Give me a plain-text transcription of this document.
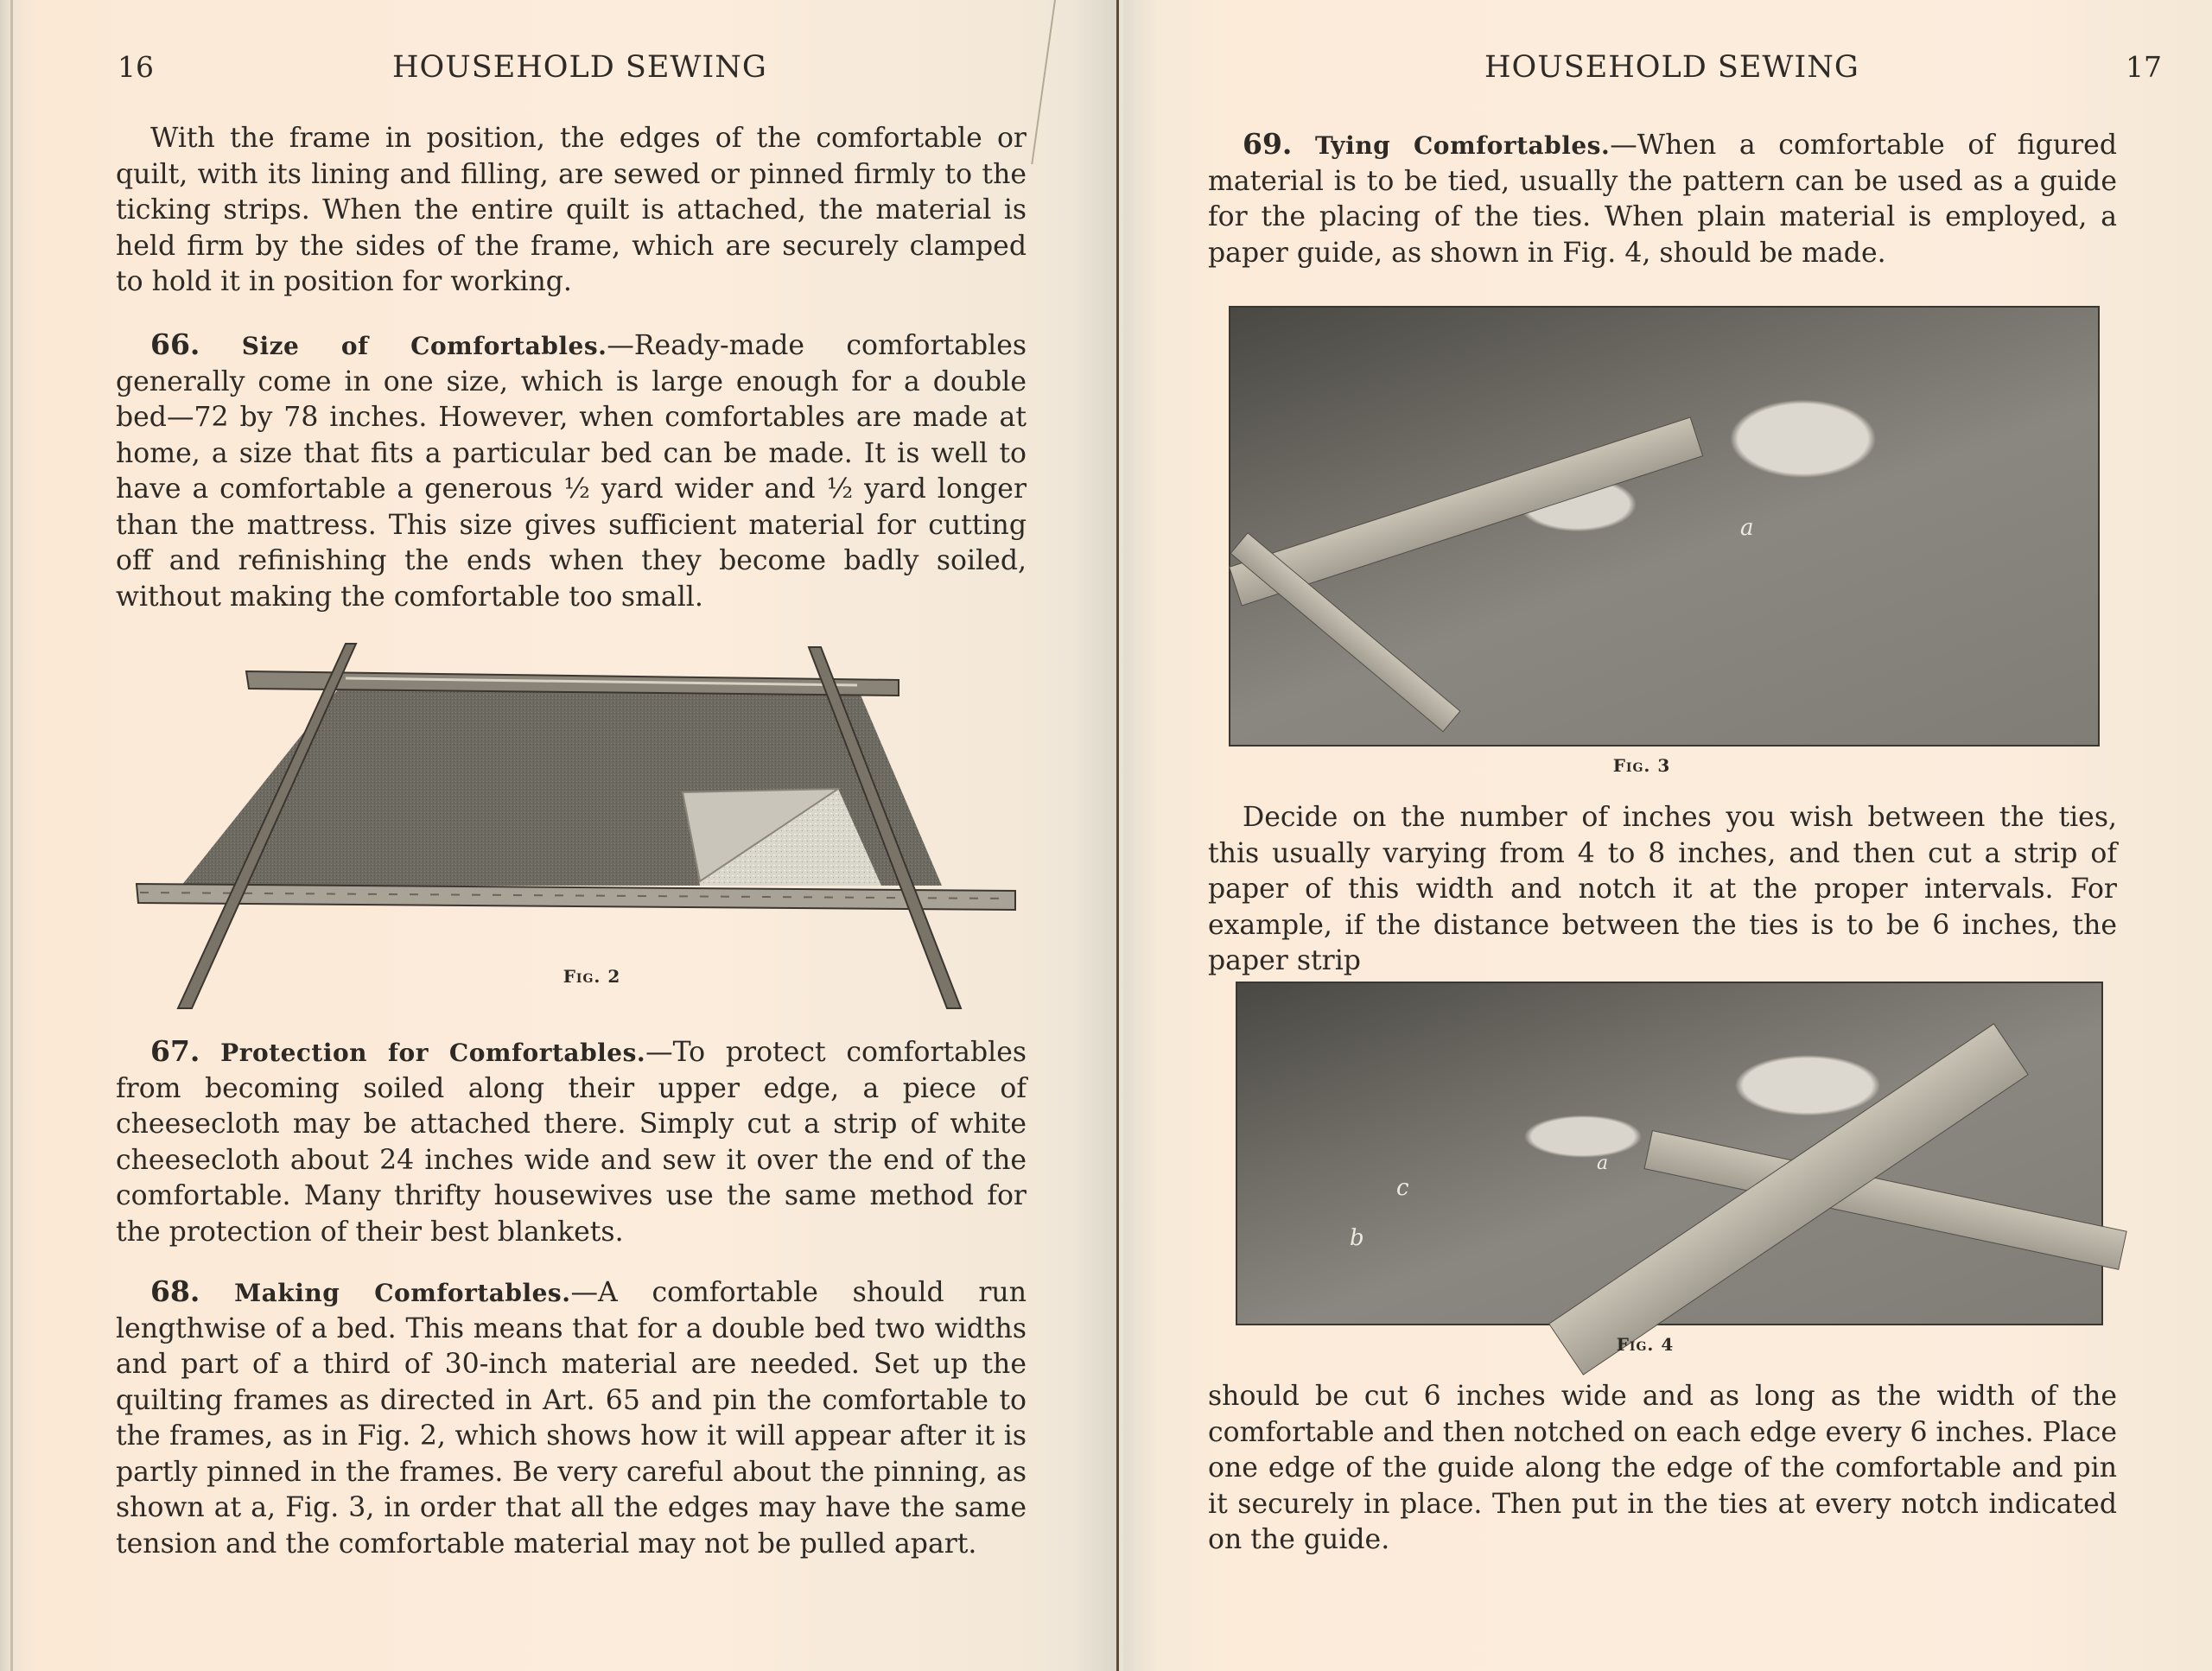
16	HOUSEHOLD SEWING

With the frame in position, the edges of the comfortable or quilt, with its lining and filling, are sewed or pinned firmly to the ticking strips. When the entire quilt is attached, the material is held firm by the sides of the frame, which are securely clamped to hold it in position for working.

66. Size of Comfortables.—Ready-made comfortables generally come in one size, which is large enough for a double bed—72 by 78 inches. However, when comfortables are made at home, a size that fits a particular bed can be made. It is well to have a comfortable a generous ½ yard wider and ½ yard longer than the mattress. This size gives sufficient material for cutting off and refinishing the ends when they become badly soiled, without making the comfortable too small.

Fig. 2

67. Protection for Comfortables.—To protect comfortables from becoming soiled along their upper edge, a piece of cheesecloth may be attached there. Simply cut a strip of white cheesecloth about 24 inches wide and sew it over the end of the comfortable. Many thrifty housewives use the same method for the protection of their best blankets.

68. Making Comfortables.—A comfortable should run lengthwise of a bed. This means that for a double bed two widths and part of a third of 30-inch material are needed. Set up the quilting frames as directed in Art. 65 and pin the comfortable to the frames, as in Fig. 2, which shows how it will appear after it is partly pinned in the frames. Be very careful about the pinning, as shown at a, Fig. 3, in order that all the edges may have the same tension and the comfortable material may not be pulled apart.

HOUSEHOLD SEWING	17

69. Tying Comfortables.—When a comfortable of figured material is to be tied, usually the pattern can be used as a guide for the placing of the ties. When plain material is employed, a paper guide, as shown in Fig. 4, should be made.

a
Fig. 3

Decide on the number of inches you wish between the ties, this usually varying from 4 to 8 inches, and then cut a strip of paper of this width and notch it at the proper intervals. For example, if the distance between the ties is to be 6 inches, the paper strip

a
b
c
Fig. 4

should be cut 6 inches wide and as long as the width of the comfortable and then notched on each edge every 6 inches. Place one edge of the guide along the edge of the comfortable and pin it securely in place. Then put in the ties at every notch indicated on the guide.
